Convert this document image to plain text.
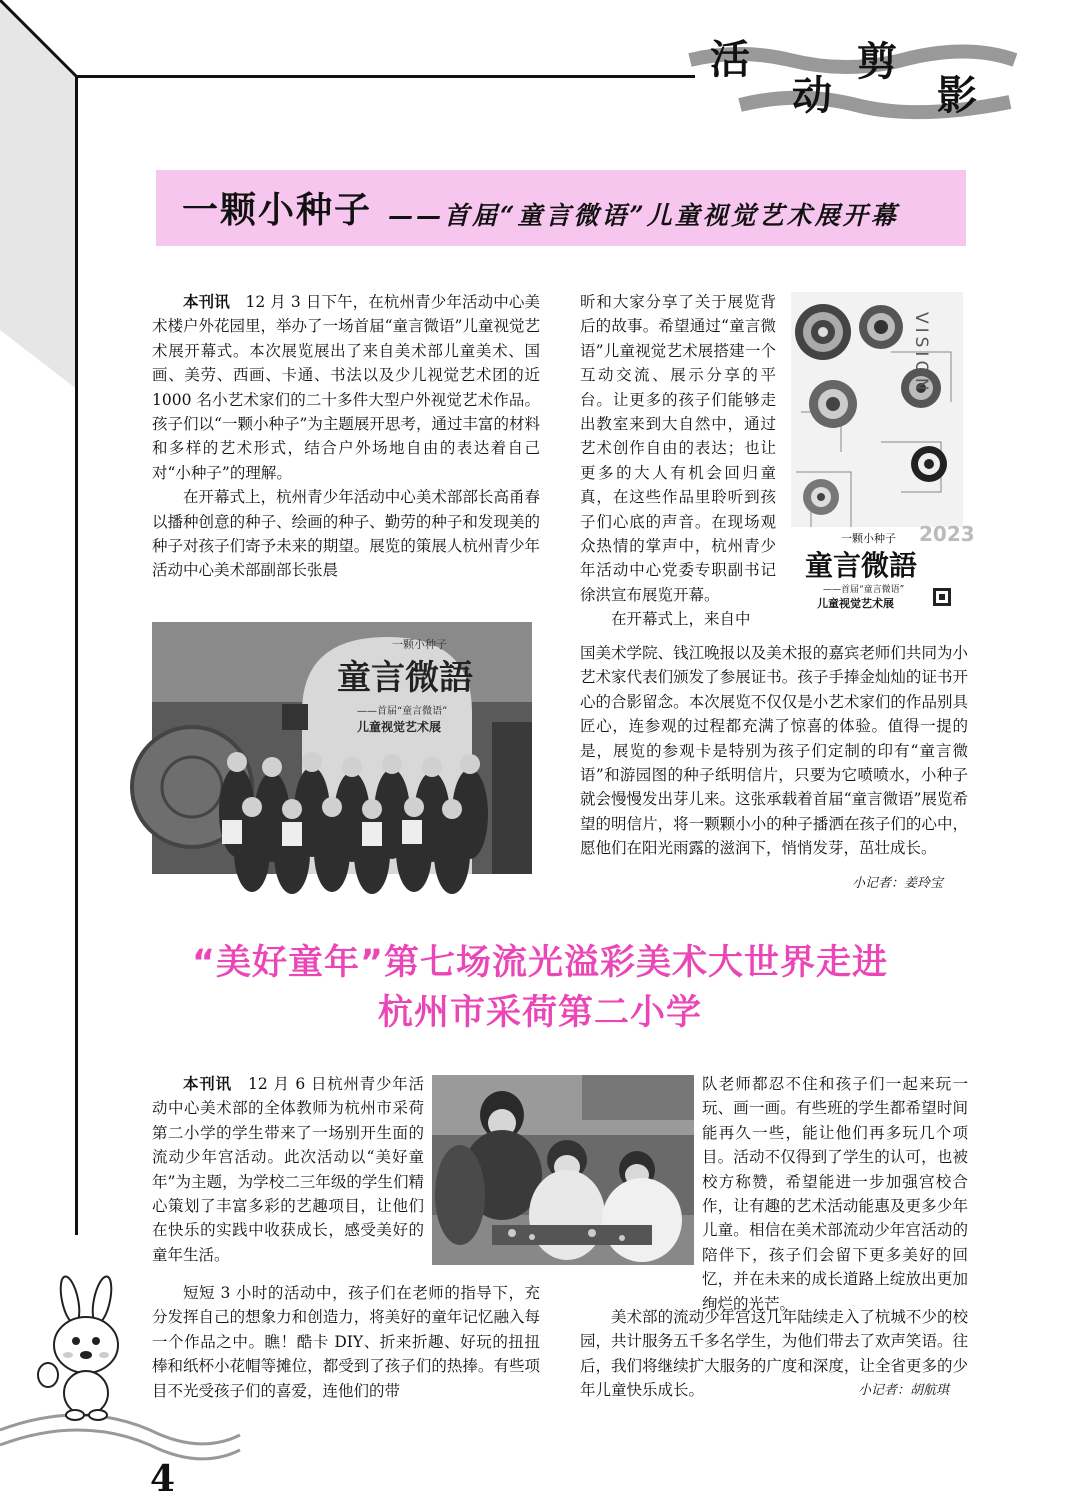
活
动
剪
影
一颗小种子 ——首届“童言微语”儿童视觉艺术展开幕

本刊讯　 12 月 3 日下午，在杭州青少年活动中心美术楼户外花园里，举办了一场首届“童言微语”儿童视觉艺术展开幕式。本次展览展出了来自美术部儿童美术、国画、美劳、西画、卡通、书法以及少儿视觉艺术团的近 1000 名小艺术家们的二十多件大型户外视觉艺术作品。孩子们以“一颗小种子”为主题展开思考，通过丰富的材料和多样的艺术形式，结合户外场地自由的表达着自己对“小种子”的理解。

在开幕式上，杭州青少年活动中心美术部部长高甬春以播种创意的种子、绘画的种子、勤劳的种子和发现美的种子对孩子们寄予未来的期望。展览的策展人杭州青少年活动中心美术部副部长张晨

昕和大家分享了关于展览背后的故事。希望通过“童言微语”儿童视觉艺术展搭建一个互动交流、展示分享的平台。让更多的孩子们能够走出教室来到大自然中，通过艺术创作自由的表达；也让更多的大人有机会回归童真，在这些作品里聆听到孩子们心底的声音。在现场观众热情的掌声中，杭州青少年活动中心党委专职副书记徐洪宣布展览开幕。

在开幕式上，来自中

国美术学院、钱江晚报以及美术报的嘉宾老师们共同为小艺术家代表们颁发了参展证书。孩子手捧金灿灿的证书开心的合影留念。本次展览不仅仅是小艺术家们的作品别具匠心，连参观的过程都充满了惊喜的体验。值得一提的是，展览的参观卡是特别为孩子们定制的印有“童言微语”和游园图的种子纸明信片，只要为它喷喷水，小种子就会慢慢发出芽儿来。这张承载着首届“童言微语”展览希望的明信片，将一颗颗小小的种子播洒在孩子们的心中，愿他们在阳光雨露的滋润下，悄悄发芽，茁壮成长。

小记者：姜玲宝
VISION
一颗小种子 2023
童言微語
——首届“童言微语”
儿童视觉艺术展
一颗小种子
童言微語
——首届“童言微语”
儿童视觉艺术展
“美好童年”第七场流光溢彩美术大世界走进
杭州市采荷第二小学

本刊讯　 12 月 6 日杭州青少年活动中心美术部的全体教师为杭州市采荷第二小学的学生带来了一场别开生面的流动少年宫活动。此次活动以“美好童年”为主题，为学校二三年级的学生们精心策划了丰富多彩的艺趣项目，让他们在快乐的实践中收获成长，感受美好的童年生活。

短短 3 小时的活动中，孩子们在老师的指导下，充分发挥自己的想象力和创造力，将美好的童年记忆融入每一个作品之中。瞧！酷卡 DIY、折来折趣、好玩的扭扭棒和纸杯小花帽等摊位，都受到了孩子们的热捧。有些项目不光受孩子们的喜爱，连他们的带

队老师都忍不住和孩子们一起来玩一玩、画一画。有些班的学生都希望时间能再久一些，能让他们再多玩几个项目。活动不仅得到了学生的认可，也被校方称赞，希望能进一步加强宫校合作，让有趣的艺术活动能惠及更多少年儿童。相信在美术部流动少年宫活动的陪伴下，孩子们会留下更多美好的回忆，并在未来的成长道路上绽放出更加绚烂的光芒。

美术部的流动少年宫这几年陆续走入了杭城不少的校园，共计服务五千多名学生，为他们带去了欢声笑语。往后，我们将继续扩大服务的广度和深度，让全省更多的少年儿童快乐成长。	小记者：胡航琪
4
